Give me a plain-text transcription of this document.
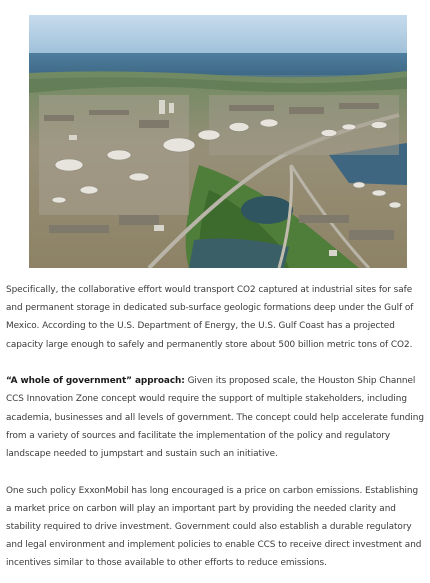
Specifically, the collaborative effort would transport CO2 captured at industrial sites for safe and permanent storage in dedicated sub-surface geologic formations deep under the Gulf of Mexico. According to the U.S. Department of Energy, the U.S. Gulf Coast has a projected capacity large enough to safely and permanently store about 500 billion metric tons of CO2.

“A whole of government” approach: Given its proposed scale, the Houston Ship Channel CCS Innovation Zone concept would require the support of multiple stakeholders, including academia, businesses and all levels of government. The concept could help accelerate funding from a variety of sources and facilitate the implementation of the policy and regulatory landscape needed to jumpstart and sustain such an initiative.

One such policy ExxonMobil has long encouraged is a price on carbon emissions. Establishing a market price on carbon will play an important part by providing the needed clarity and stability required to drive investment. Government could also establish a durable regulatory and legal environment and implement policies to enable CCS to receive direct investment and incentives similar to those available to other efforts to reduce emissions.
